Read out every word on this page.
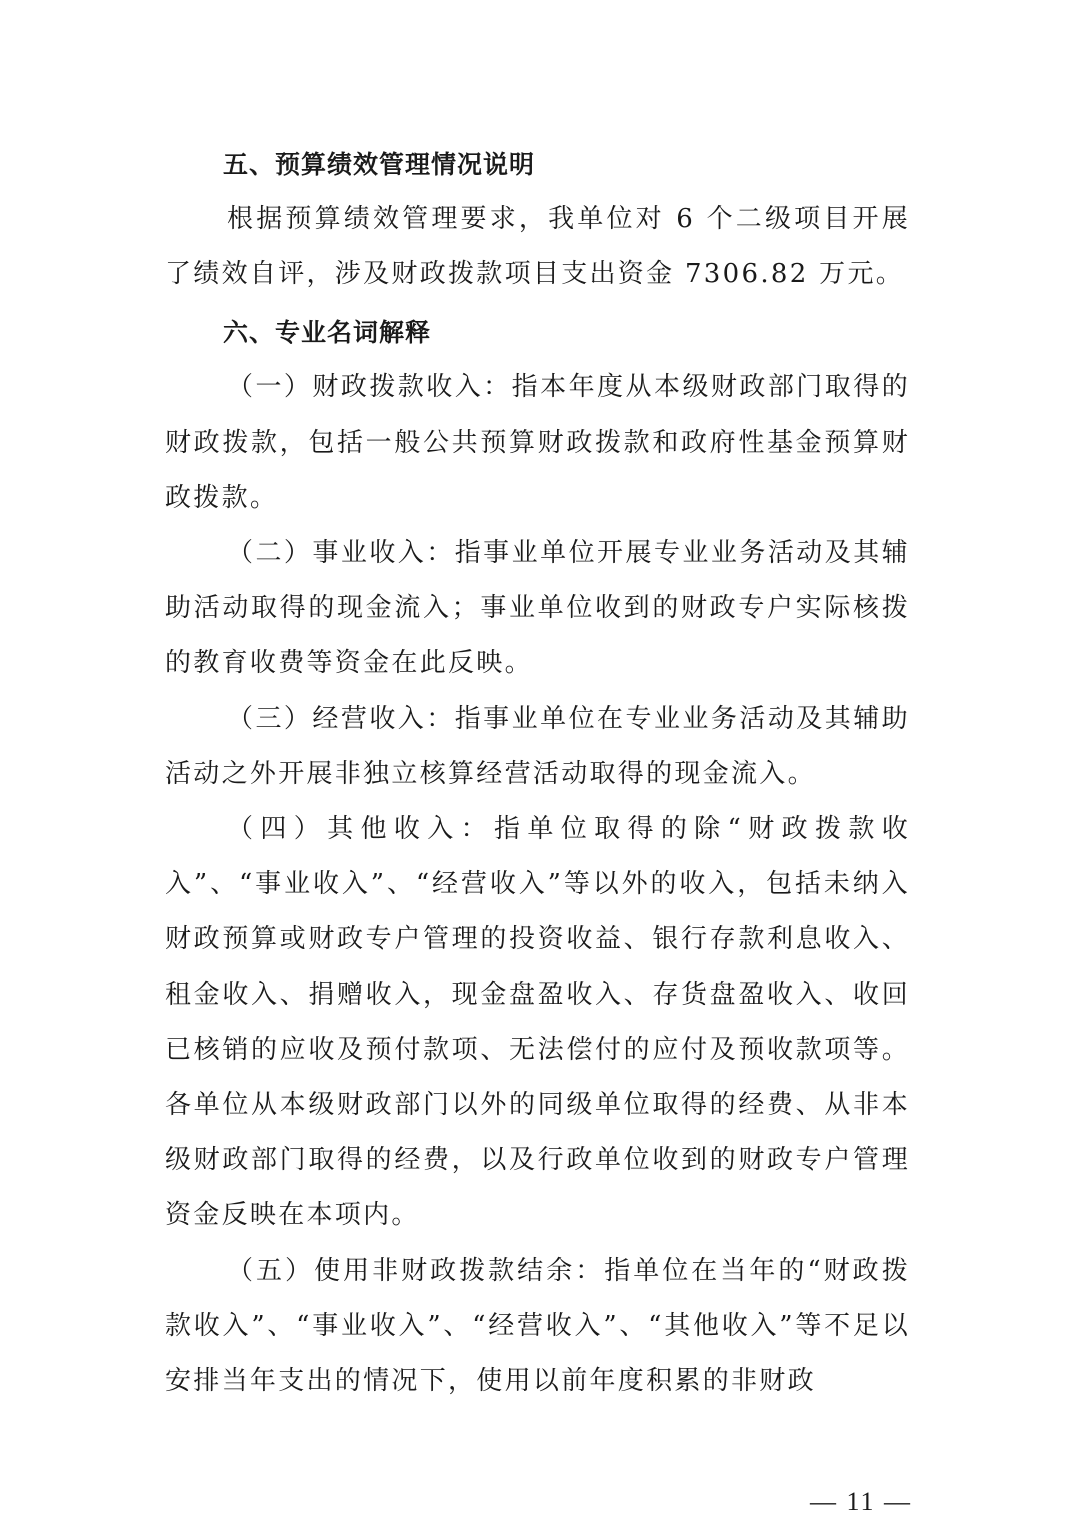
五、预算绩效管理情况说明

根据预算绩效管理要求，我单位对 6 个二级项目开展了绩效自评，涉及财政拨款项目支出资金 7306.82 万元。

六、专业名词解释

（一）财政拨款收入：指本年度从本级财政部门取得的财政拨款，包括一般公共预算财政拨款和政府性基金预算财政拨款。

（二）事业收入：指事业单位开展专业业务活动及其辅助活动取得的现金流入；事业单位收到的财政专户实际核拨的教育收费等资金在此反映。

（三）经营收入：指事业单位在专业业务活动及其辅助活动之外开展非独立核算经营活动取得的现金流入。

（四）其他收入：指单位取得的除“财政拨款收入”、“事业收入”、“经营收入”等以外的收入，包括未纳入财政预算或财政专户管理的投资收益、银行存款利息收入、租金收入、捐赠收入，现金盘盈收入、存货盘盈收入、收回已核销的应收及预付款项、无法偿付的应付及预收款项等。各单位从本级财政部门以外的同级单位取得的经费、从非本级财政部门取得的经费，以及行政单位收到的财政专户管理资金反映在本项内。

（五）使用非财政拨款结余：指单位在当年的“财政拨款收入”、“事业收入”、“经营收入”、“其他收入”等不足以安排当年支出的情况下，使用以前年度积累的非财政

— 11 —
